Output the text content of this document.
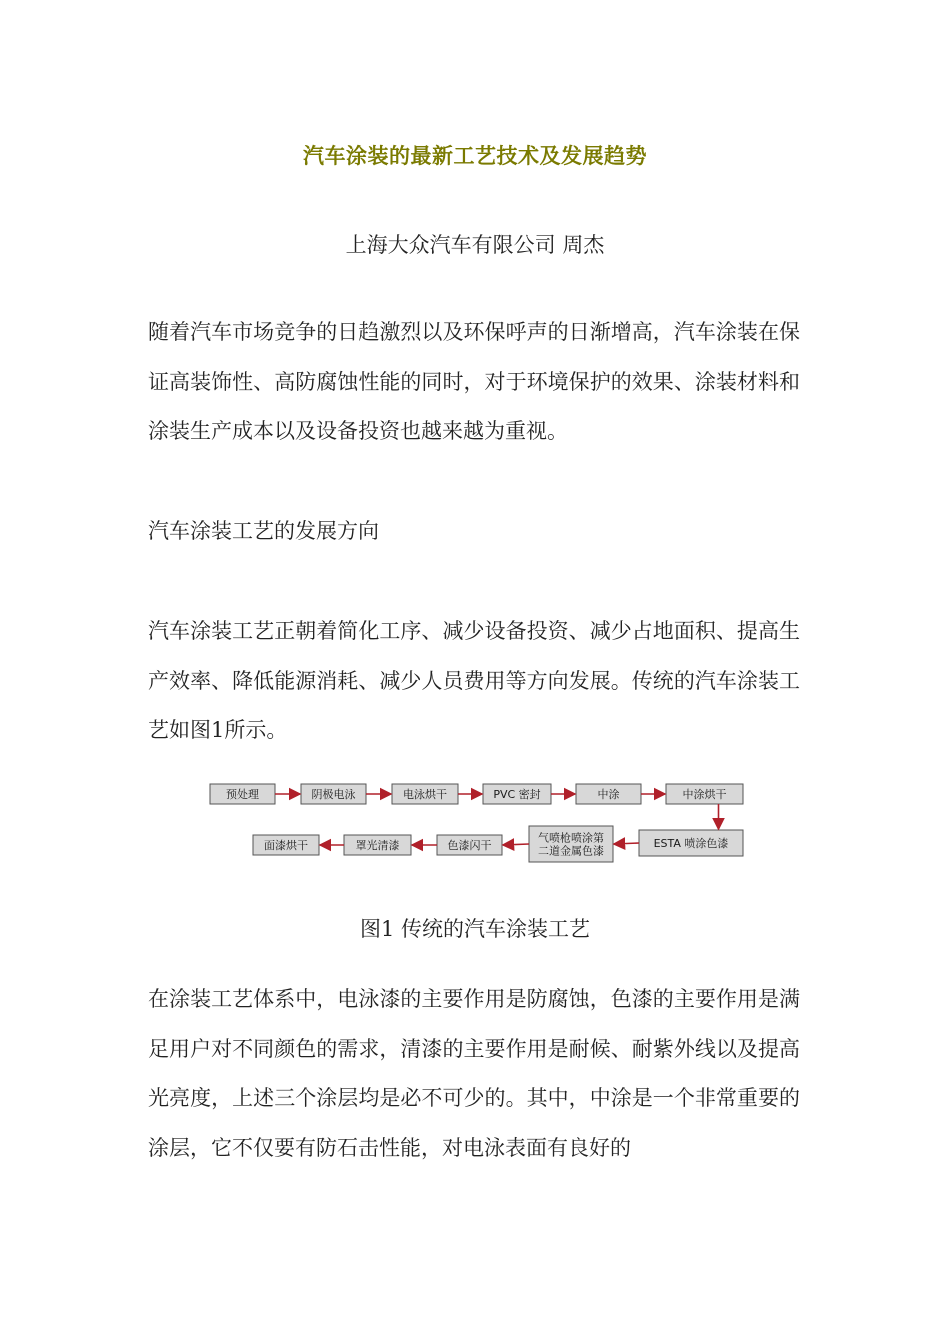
汽车涂装的最新工艺技术及发展趋势
上海大众汽车有限公司 周杰

随着汽车市场竞争的日趋激烈以及环保呼声的日渐增高，汽车涂装在保证高装饰性、高防腐蚀性能的同时，对于环境保护的效果、涂装材料和涂装生产成本以及设备投资也越来越为重视。

汽车涂装工艺的发展方向

汽车涂装工艺正朝着简化工序、减少设备投资、减少占地面积、提高生产效率、降低能源消耗、减少人员费用等方向发展。传统的汽车涂装工艺如图1所示。

预处理	阴极电泳	电泳烘干	PVC 密封	中涂	中涂烘干
面漆烘干	罩光清漆	色漆闪干
气喷枪喷涂第
二道金属色漆
ESTA 喷涂色漆
图1 传统的汽车涂装工艺

在涂装工艺体系中，电泳漆的主要作用是防腐蚀，色漆的主要作用是满足用户对不同颜色的需求，清漆的主要作用是耐候、耐紫外线以及提高光亮度，上述三个涂层均是必不可少的。其中，中涂是一个非常重要的涂层，它不仅要有防石击性能，对电泳表面有良好的
